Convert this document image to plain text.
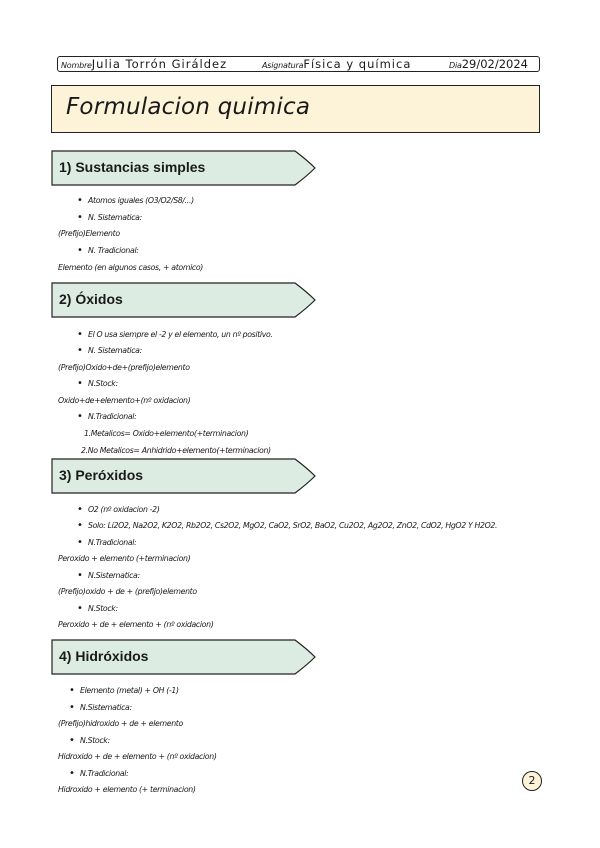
NombreJulia Torrón Giráldez	AsignaturaFísica y química	Dia29/02/2024
Formulacion quimica
1) Sustancias simples
2) Óxidos
3) Peróxidos
4) Hidróxidos
• Atomos iguales (O3/O2/S8/...)
• N. Sistematica:
(Prefijo)Elemento
• N. Tradicional:
Elemento (en algunos casos, + atomico)
• El O usa siempre el -2 y el elemento, un nº positivo.
• N. Sistematica:
(Prefijo)Oxido+de+(prefijo)elemento
• N.Stock:
Oxido+de+elemento+(nº oxidacion)
• N.Tradicional:
1.Metalicos= Oxido+elemento(+terminacion)
2.No Metalicos= Anhidrido+elemento(+terminacion)
• O2 (nº oxidacion -2)
• Solo: Li2O2, Na2O2, K2O2, Rb2O2, Cs2O2, MgO2, CaO2, SrO2, BaO2, Cu2O2, Ag2O2, ZnO2, CdO2, HgO2 Y H2O2.
• N.Tradicional:
Peroxido + elemento (+terminacion)
• N.Sistematica:
(Prefijo)oxido + de + (prefijo)elemento
• N.Stock:
Peroxido + de + elemento + (nº oxidacion)
• Elemento (metal) + OH (-1)
• N.Sistematica:
(Prefijo)hidroxido + de + elemento
• N.Stock:
Hidroxido + de + elemento + (nº oxidacion)
• N.Tradicional:
Hidroxido + elemento (+ terminacion)
2
